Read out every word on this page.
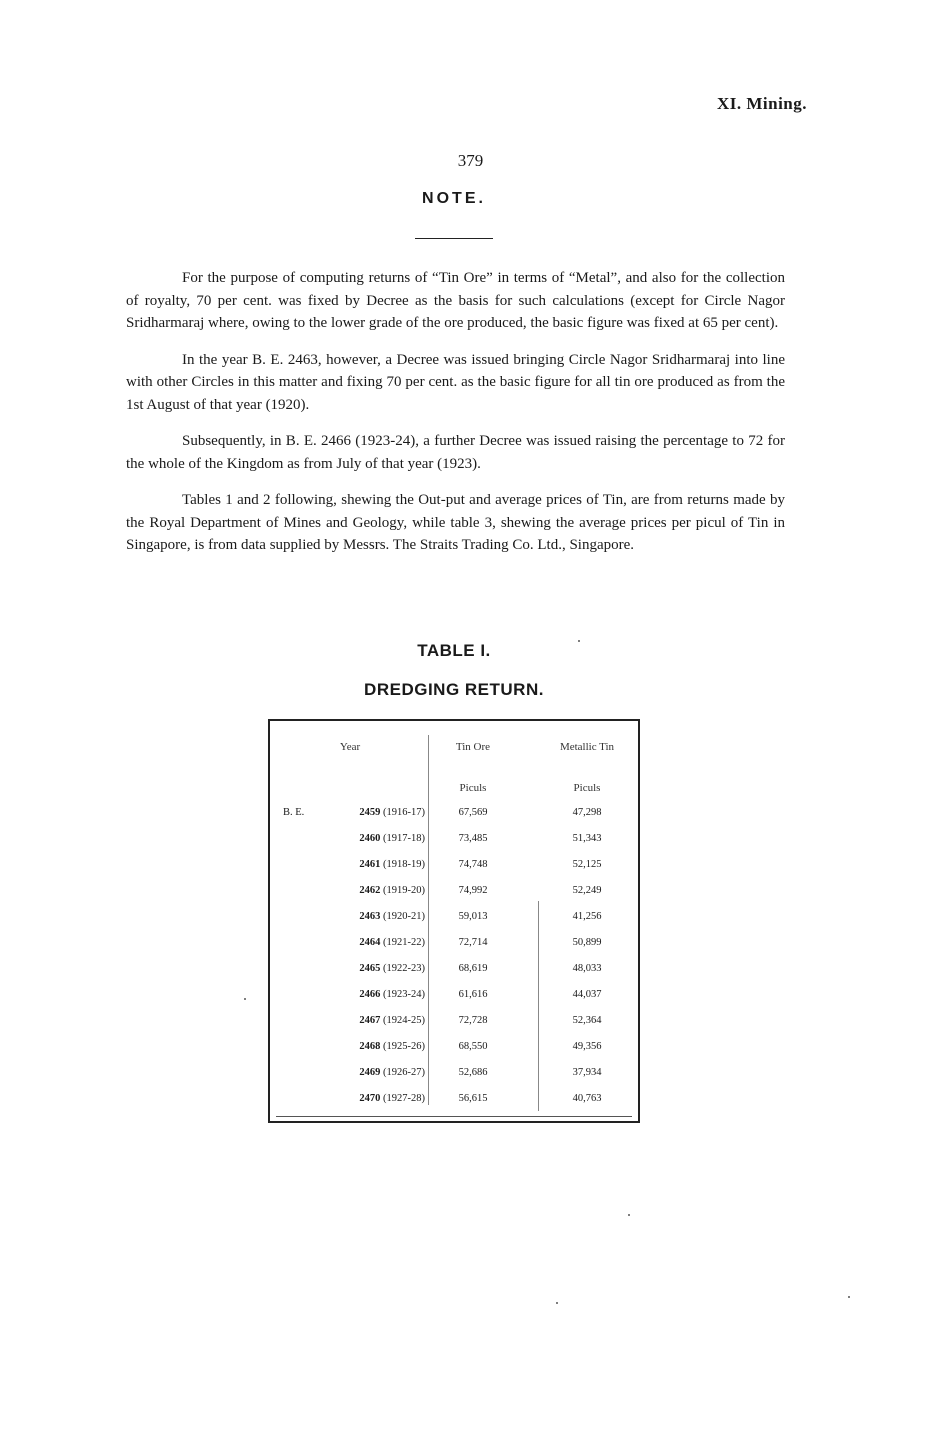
XI. Mining.
379
NOTE.

For the purpose of computing returns of “Tin Ore” in terms of “Metal”, and also for the collection of royalty, 70 per cent. was fixed by Decree as the basis for such calculations (except for Circle Nagor Sridharmaraj where, owing to the lower grade of the ore produced, the basic figure was fixed at 65 per cent).

In the year B. E. 2463, however, a Decree was issued bringing Circle Nagor Sridharmaraj into line with other Circles in this matter and fixing 70 per cent. as the basic figure for all tin ore produced as from the 1st August of that year (1920).

Subsequently, in B. E. 2466 (1923-24), a further Decree was issued raising the percentage to 72 for the whole of the Kingdom as from July of that year (1923).

Tables 1 and 2 following, shewing the Out-put and average prices of Tin, are from returns made by the Royal Department of Mines and Geology, while table 3, shewing the average prices per picul of Tin in Singapore, is from data supplied by Messrs. The Straits Trading Co. Ltd., Singapore.

TABLE I.
DREDGING RETURN.
Year	Tin Ore	Metallic Tin
Piculs	Piculs
B. E.	2459 (1916-17)	67,569	47,298
2460 (1917-18)	73,485	51,343
2461 (1918-19)	74,748	52,125
2462 (1919-20)	74,992	52,249
2463 (1920-21)	59,013	41,256
2464 (1921-22)	72,714	50,899
2465 (1922-23)	68,619	48,033
2466 (1923-24)	61,616	44,037
2467 (1924-25)	72,728	52,364
2468 (1925-26)	68,550	49,356
2469 (1926-27)	52,686	37,934
2470 (1927-28)	56,615	40,763
